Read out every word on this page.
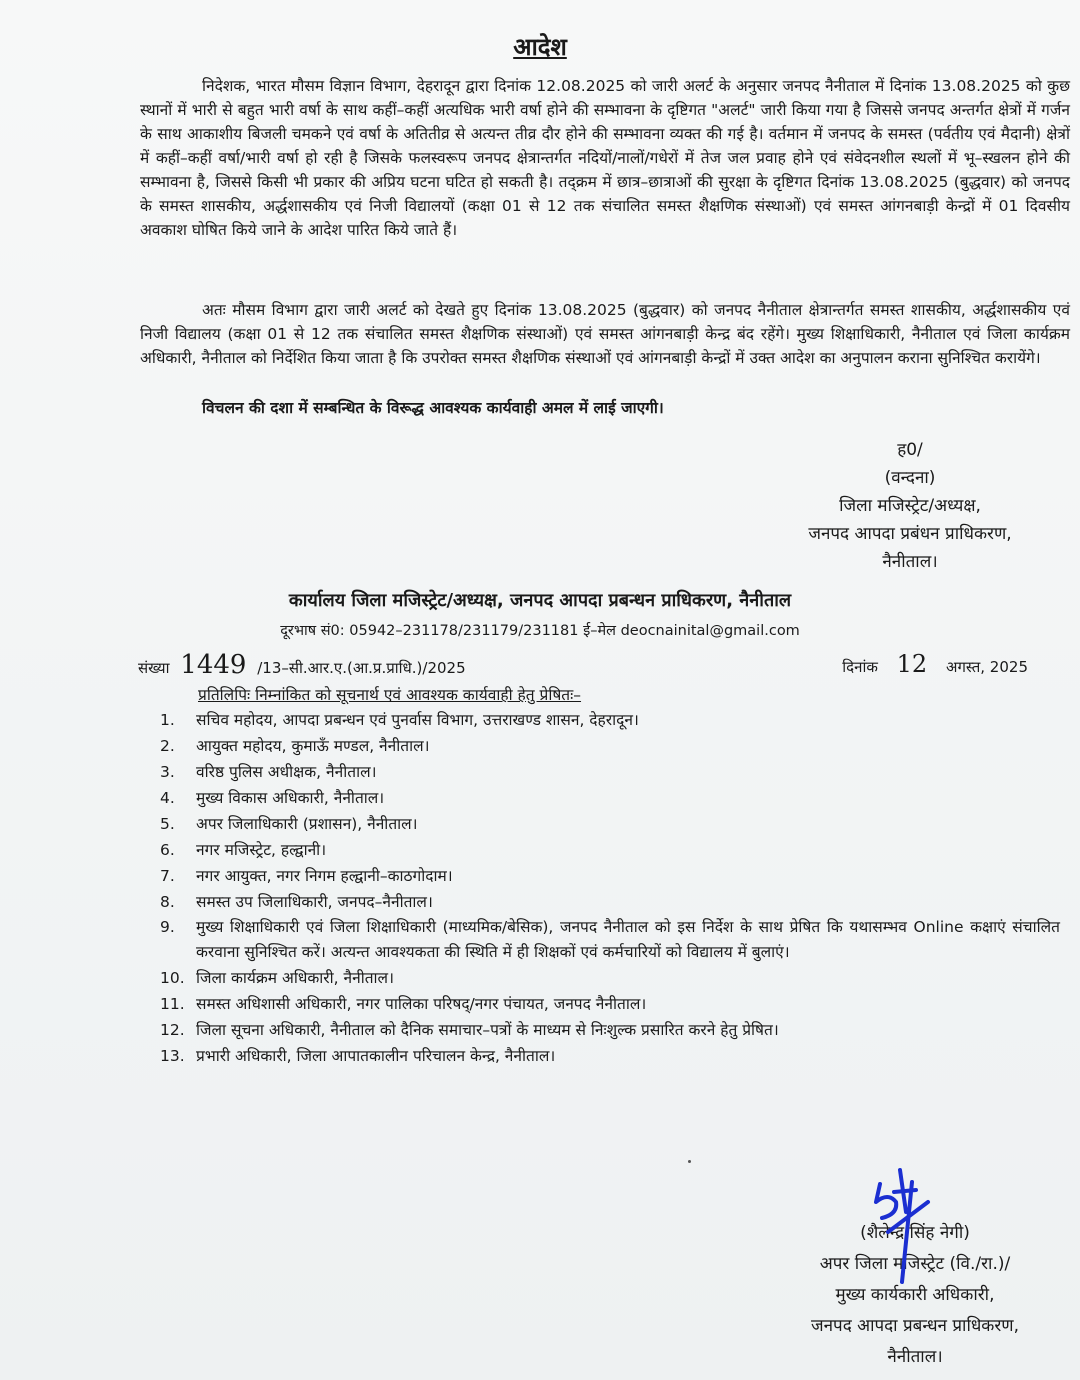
आदेश
निदेशक, भारत मौसम विज्ञान विभाग, देहरादून द्वारा दिनांक 12.08.2025 को जारी अलर्ट के अनुसार जनपद नैनीताल में दिनांक 13.08.2025 को कुछ स्थानों में भारी से बहुत भारी वर्षा के साथ कहीं–कहीं अत्यधिक भारी वर्षा होने की सम्भावना के दृष्टिगत "अलर्ट" जारी किया गया है जिससे जनपद अन्तर्गत क्षेत्रों में गर्जन के साथ आकाशीय बिजली चमकने एवं वर्षा के अतितीव्र से अत्यन्त तीव्र दौर होने की सम्भावना व्यक्त की गई है। वर्तमान में जनपद के समस्त (पर्वतीय एवं मैदानी) क्षेत्रों में कहीं–कहीं वर्षा/भारी वर्षा हो रही है जिसके फलस्वरूप जनपद क्षेत्रान्तर्गत नदियों/नालों/गधेरों में तेज जल प्रवाह होने एवं संवेदनशील स्थलों में भू–स्खलन होने की सम्भावना है, जिससे किसी भी प्रकार की अप्रिय घटना घटित हो सकती है। तद्क्रम में छात्र–छात्राओं की सुरक्षा के दृष्टिगत दिनांक 13.08.2025 (बुद्धवार) को जनपद के समस्त शासकीय, अर्द्धशासकीय एवं निजी विद्यालयों (कक्षा 01 से 12 तक संचालित समस्त शैक्षणिक संस्थाओं) एवं समस्त आंगनबाड़ी केन्द्रों में 01 दिवसीय अवकाश घोषित किये जाने के आदेश पारित किये जाते हैं।
अतः मौसम विभाग द्वारा जारी अलर्ट को देखते हुए दिनांक 13.08.2025 (बुद्धवार) को जनपद नैनीताल क्षेत्रान्तर्गत समस्त शासकीय, अर्द्धशासकीय एवं निजी विद्यालय (कक्षा 01 से 12 तक संचालित समस्त शैक्षणिक संस्थाओं) एवं समस्त आंगनबाड़ी केन्द्र बंद रहेंगे। मुख्य शिक्षाधिकारी, नैनीताल एवं जिला कार्यक्रम अधिकारी, नैनीताल को निर्देशित किया जाता है कि उपरोक्त समस्त शैक्षणिक संस्थाओं एवं आंगनबाड़ी केन्द्रों में उक्त आदेश का अनुपालन कराना सुनिश्चित करायेंगे।
विचलन की दशा में सम्बन्धित के विरूद्ध आवश्यक कार्यवाही अमल में लाई जाएगी।
ह0/
(वन्दना)
जिला मजिस्ट्रेट/अध्यक्ष,
जनपद आपदा प्रबंधन प्राधिकरण,
नैनीताल।
कार्यालय जिला मजिस्ट्रेट/अध्यक्ष, जनपद आपदा प्रबन्धन प्राधिकरण, नैनीताल
दूरभाष सं0: 05942–231178/231179/231181 ई–मेल deocnainital@gmail.com
संख्या 1449 /13–सी.आर.ए.(आ.प्र.प्राधि.)/2025	दिनांक 12 अगस्त, 2025
प्रतिलिपिः निम्नांकित को सूचनार्थ एवं आवश्यक कार्यवाही हेतु प्रेषितः–
1.	सचिव महोदय, आपदा प्रबन्धन एवं पुनर्वास विभाग, उत्तराखण्ड शासन, देहरादून।
2.	आयुक्त महोदय, कुमाऊँ मण्डल, नैनीताल।
3.	वरिष्ठ पुलिस अधीक्षक, नैनीताल।
4.	मुख्य विकास अधिकारी, नैनीताल।
5.	अपर जिलाधिकारी (प्रशासन), नैनीताल।
6.	नगर मजिस्ट्रेट, हल्द्वानी।
7.	नगर आयुक्त, नगर निगम हल्द्वानी–काठगोदाम।
8.	समस्त उप जिलाधिकारी, जनपद–नैनीताल।
9.	मुख्य शिक्षाधिकारी एवं जिला शिक्षाधिकारी (माध्यमिक/बेसिक), जनपद नैनीताल को इस निर्देश के साथ प्रेषित कि यथासम्भव Online कक्षाएं संचालित करवाना सुनिश्चित करें। अत्यन्त आवश्यकता की स्थिति में ही शिक्षकों एवं कर्मचारियों को विद्यालय में बुलाएं।
10. जिला कार्यक्रम अधिकारी, नैनीताल।
11. समस्त अधिशासी अधिकारी, नगर पालिका परिषद्/नगर पंचायत, जनपद नैनीताल।
12. जिला सूचना अधिकारी, नैनीताल को दैनिक समाचार–पत्रों के माध्यम से निःशुल्क प्रसारित करने हेतु प्रेषित।
13. प्रभारी अधिकारी, जिला आपातकालीन परिचालन केन्द्र, नैनीताल।
(शैलेन्द्र सिंह नेगी)
अपर जिला मजिस्ट्रेट (वि./रा.)/
मुख्य कार्यकारी अधिकारी,
जनपद आपदा प्रबन्धन प्राधिकरण,
नैनीताल।
